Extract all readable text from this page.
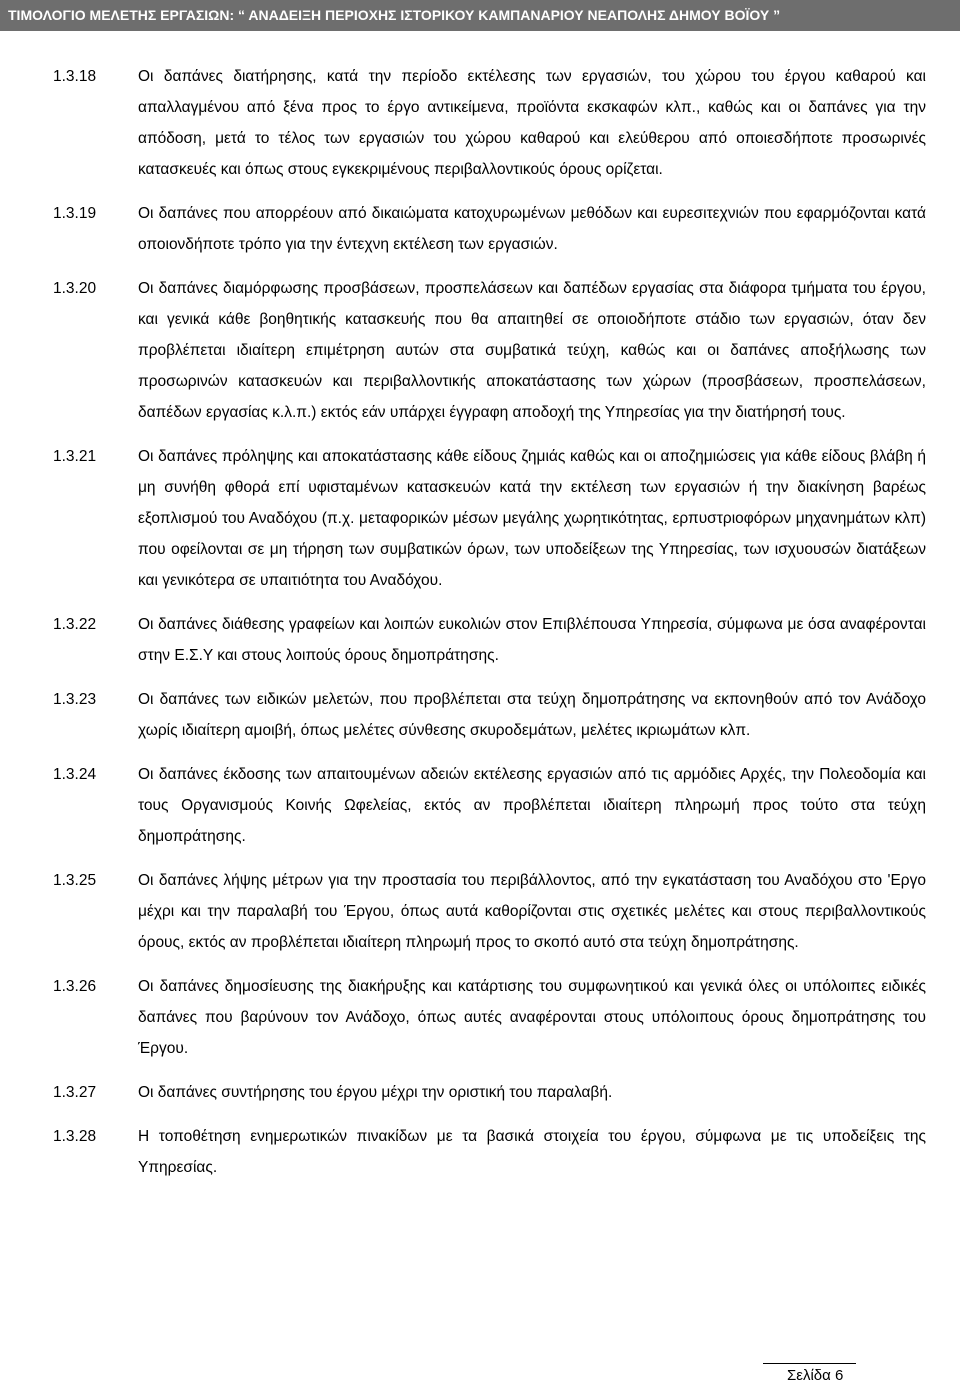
ΤΙΜΟΛΟΓΙΟ ΜΕΛΕΤΗΣ ΕΡΓΑΣΙΩΝ: “ ΑΝΑΔΕΙΞΗ ΠΕΡΙΟΧΗΣ ΙΣΤΟΡΙΚΟΥ ΚΑΜΠΑΝΑΡΙΟΥ ΝΕΑΠΟΛΗΣ ΔΗΜΟΥ ΒΟΪΟΥ ”
1.3.18	Οι δαπάνες διατήρησης, κατά την περίοδο εκτέλεσης των εργασιών, του χώρου του έργου καθαρού και απαλλαγμένου από ξένα προς το έργο αντικείμενα, προϊόντα εκσκαφών κλπ., καθώς και οι δαπάνες για την απόδοση, μετά το τέλος των εργασιών του χώρου καθαρού και ελεύθερου από οποιεσδήποτε προσωρινές κατασκευές και όπως στους εγκεκριμένους περιβαλλοντικούς όρους ορίζεται.
1.3.19	Οι δαπάνες που απορρέουν από δικαιώματα κατοχυρωμένων μεθόδων και ευρεσιτεχνιών που εφαρμόζονται κατά οποιονδήποτε τρόπο για την έντεχνη εκτέλεση των εργασιών.
1.3.20	Οι δαπάνες διαμόρφωσης προσβάσεων, προσπελάσεων και δαπέδων εργασίας στα διάφορα τμήματα του έργου, και γενικά κάθε βοηθητικής κατασκευής που θα απαιτηθεί σε οποιοδήποτε στάδιο των εργασιών, όταν δεν προβλέπεται ιδιαίτερη επιμέτρηση αυτών στα συμβατικά τεύχη, καθώς και οι δαπάνες αποξήλωσης των προσωρινών κατασκευών και περιβαλλοντικής αποκατάστασης των χώρων (προσβάσεων, προσπελάσεων, δαπέδων εργασίας κ.λ.π.) εκτός εάν υπάρχει έγγραφη αποδοχή της Υπηρεσίας για την διατήρησή τους.
1.3.21	Οι δαπάνες πρόληψης και αποκατάστασης κάθε είδους ζημιάς καθώς και οι αποζημιώσεις για κάθε είδους βλάβη ή μη συνήθη φθορά επί υφισταμένων κατασκευών κατά την εκτέλεση των εργασιών ή την διακίνηση βαρέως εξοπλισμού του Αναδόχου (π.χ. μεταφορικών μέσων μεγάλης χωρητικότητας, ερπυστριοφόρων μηχανημάτων κλπ) που οφείλονται σε μη τήρηση των συμβατικών όρων, των υποδείξεων της Υπηρεσίας, των ισχυουσών διατάξεων και γενικότερα σε υπαιτιότητα του Αναδόχου.
1.3.22	Οι δαπάνες διάθεσης γραφείων και λοιπών ευκολιών στον Επιβλέπουσα Υπηρεσία, σύμφωνα με όσα αναφέρονται στην Ε.Σ.Υ και στους λοιπούς όρους δημοπράτησης.
1.3.23	Οι δαπάνες των ειδικών μελετών, που προβλέπεται στα τεύχη δημοπράτησης να εκπονηθούν από τον Ανάδοχο χωρίς ιδιαίτερη αμοιβή, όπως μελέτες σύνθεσης σκυροδεμάτων, μελέτες ικριωμάτων κλπ.
1.3.24	Οι δαπάνες έκδοσης των απαιτουμένων αδειών εκτέλεσης εργασιών από τις αρμόδιες Αρχές, την Πολεοδομία και τους Οργανισμούς Κοινής Ωφελείας, εκτός αν προβλέπεται ιδιαίτερη πληρωμή προς τούτο στα τεύχη δημοπράτησης.
1.3.25	Οι δαπάνες λήψης μέτρων για την προστασία του περιβάλλοντος, από την εγκατάσταση του Αναδόχου στο 'Εργο μέχρι και την παραλαβή του Έργου, όπως αυτά καθορίζονται στις σχετικές μελέτες και στους περιβαλλοντικούς όρους, εκτός αν προβλέπεται ιδιαίτερη πληρωμή προς το σκοπό αυτό στα τεύχη δημοπράτησης.
1.3.26	Οι δαπάνες δημοσίευσης της διακήρυξης και κατάρτισης του συμφωνητικού και γενικά όλες οι υπόλοιπες ειδικές δαπάνες που βαρύνουν τον Ανάδοχο, όπως αυτές αναφέρονται στους υπόλοιπους όρους δημοπράτησης του Έργου.
1.3.27	Οι δαπάνες συντήρησης του έργου μέχρι την οριστική του παραλαβή.
1.3.28	Η τοποθέτηση ενημερωτικών πινακίδων με τα βασικά στοιχεία του έργου, σύμφωνα με τις υποδείξεις της Υπηρεσίας.
Σελίδα 6
